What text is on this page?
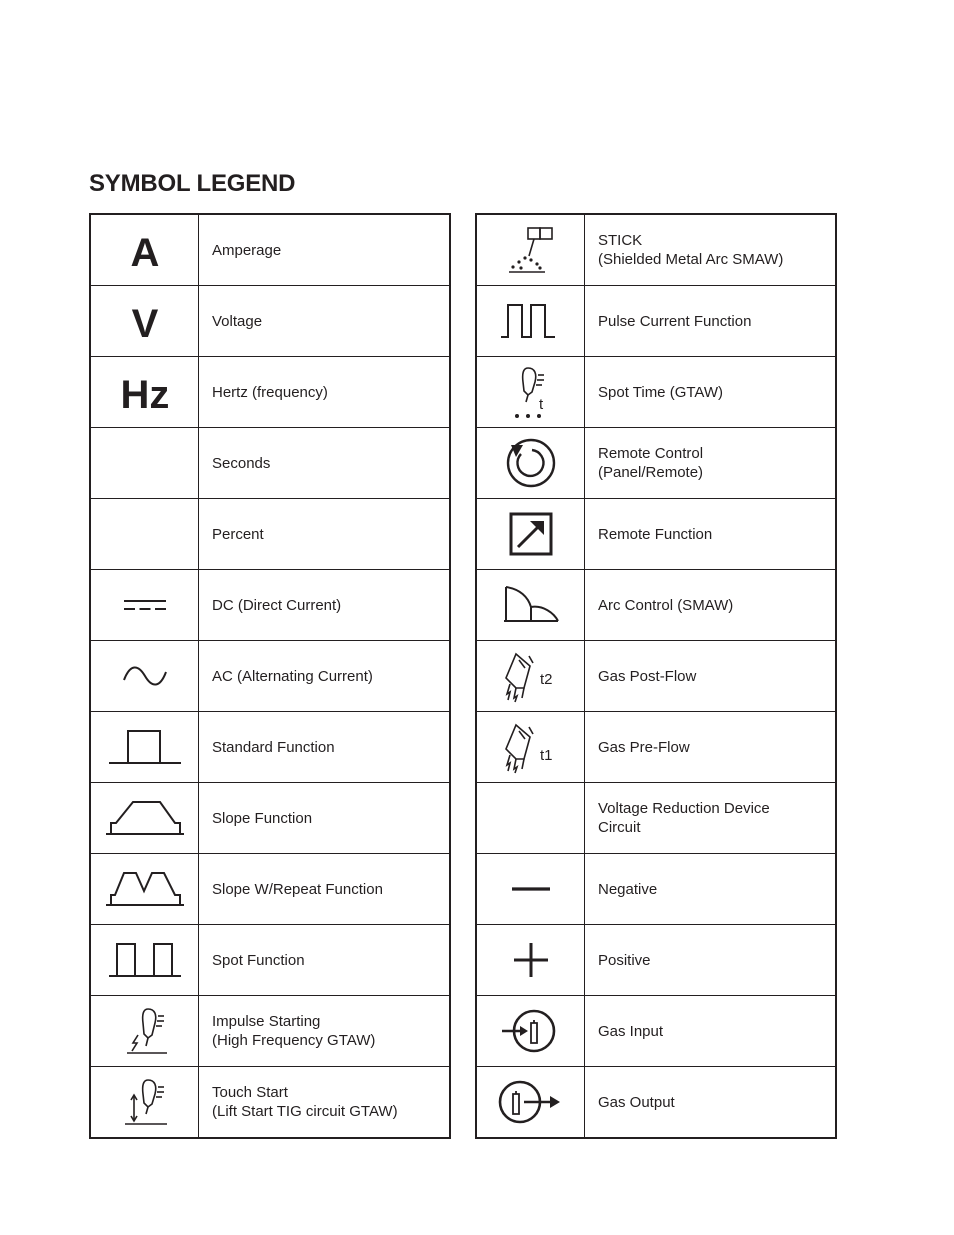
SYMBOL LEGEND
A	Amperage

V	Voltage

Hz	Hertz (frequency)
	Seconds
	Percent

	DC (Direct Current)

	AC (Alternating Current)

	Standard Function

	Slope Function

	Slope W/Repeat Function

	Spot Function

Impulse Starting
(High Frequency GTAW)

Touch Start
(Lift Start TIG circuit GTAW)

STICK
(Shielded Metal Arc SMAW)

	Pulse Current Function

t	Spot Time (GTAW)

Remote Control
(Panel/Remote)

	Remote Function

	Arc Control (SMAW)

t2	Gas Post-Flow

t1	Gas Pre-Flow

	Voltage Reduction Device
Circuit

	Negative

	Positive

	Gas Input

	Gas Output
